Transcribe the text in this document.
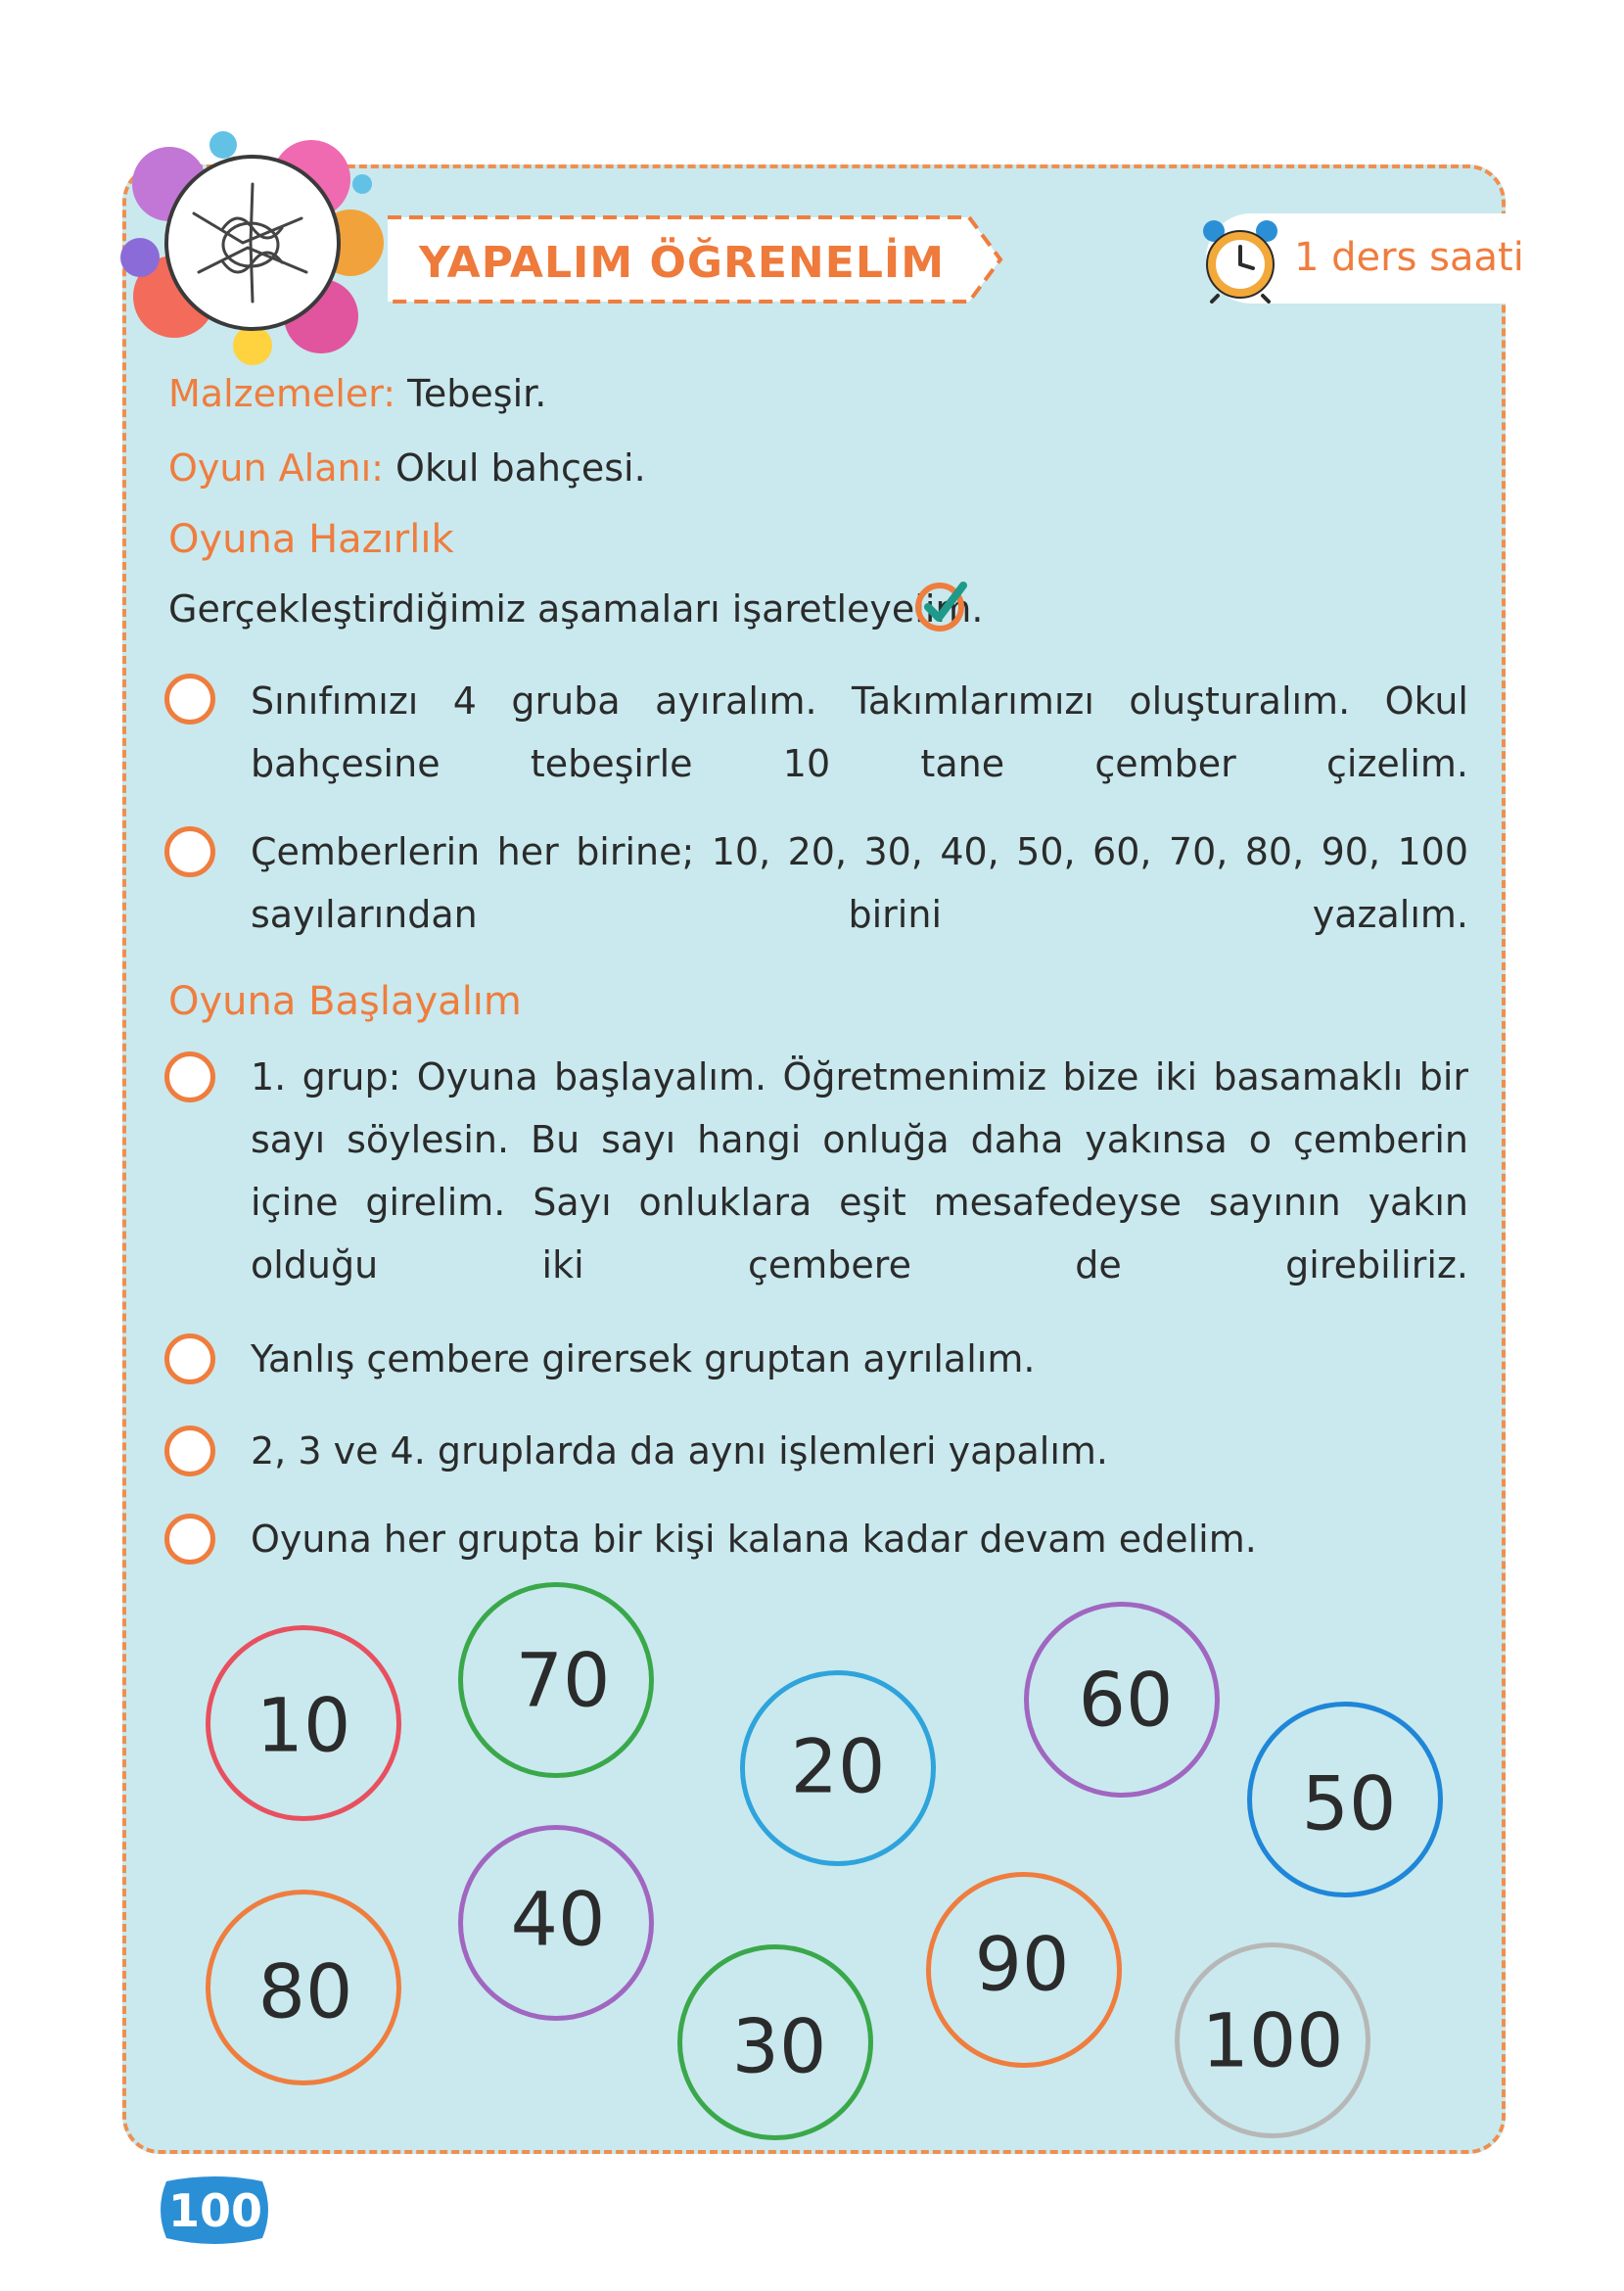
YAPALIM ÖĞRENELİM	1 ders saati
Malzemeler: Tebeşir.
Oyun Alanı: Okul bahçesi.
Oyuna Hazırlık
Gerçekleştirdiğimiz aşamaları işaretleyelim.
Sınıfımızı 4 gruba ayıralım. Takımlarımızı oluşturalım. Okul bahçesine tebeşirle 10 tane çember çizelim.
Çemberlerin her birine; 10, 20, 30, 40, 50, 60, 70, 80, 90, 100 sayılarından birini yazalım.
Oyuna Başlayalım
1. grup: Oyuna başlayalım. Öğretmenimiz bize iki basamaklı bir sayı söylesin. Bu sayı hangi onluğa daha yakınsa o çemberin içine girelim. Sayı onluklara eşit mesafedeyse sayının yakın olduğu iki çembere de girebiliriz.
Yanlış çembere girersek gruptan ayrılalım.
2, 3 ve 4. gruplarda da aynı işlemleri yapalım.
Oyuna her grupta bir kişi kalana kadar devam edelim.
10
70
20
60
50
80
40
30
90
100
100
